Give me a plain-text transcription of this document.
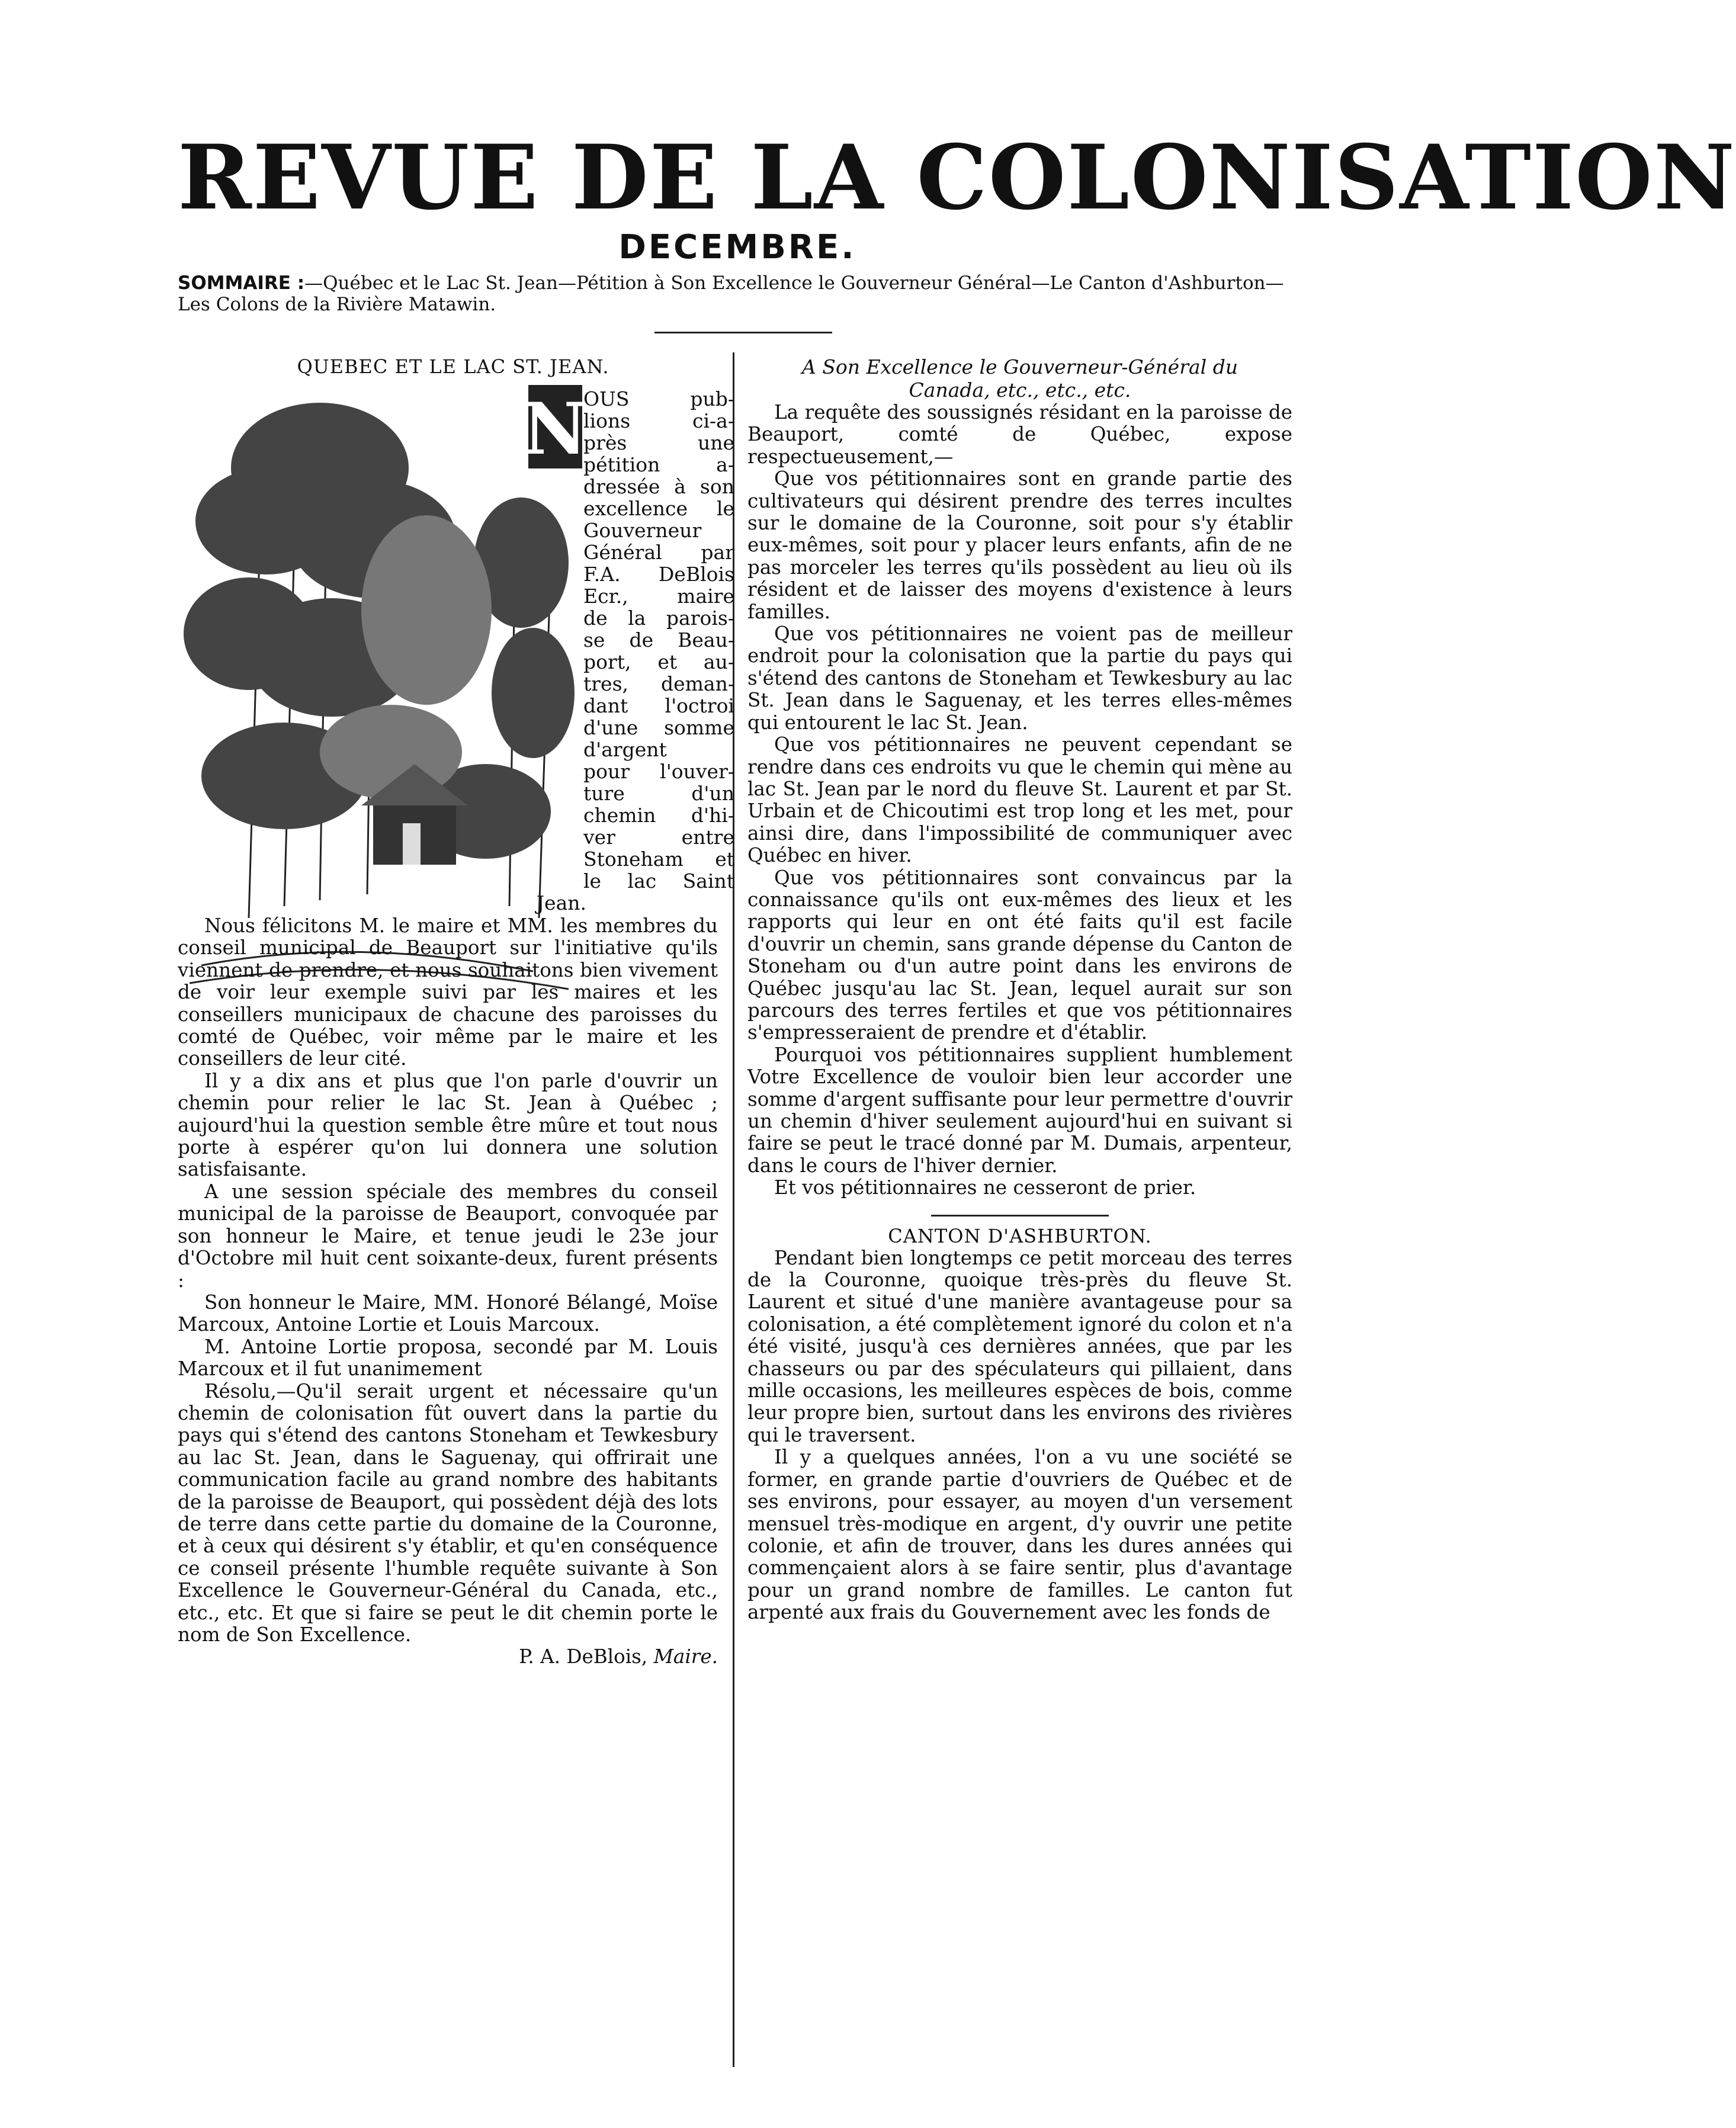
REVUE DE LA COLONISATION
DECEMBRE.
SOMMAIRE :—Québec et le Lac St. Jean—Pétition à Son Excellence le Gouverneur Général—Le Canton d'Ashburton—Les Colons de la Rivière Matawin.
QUEBEC ET LE LAC ST. JEAN.
N
OUS pub-
lions ci-a-
près une
pétition a-
dressée à son
excellence le
Gouverneur
Général par
F.A. DeBlois
Ecr., maire
de la parois-
se de Beau-
port, et au-
tres, deman-
dant l'octroi
d'une somme
d'argent
pour l'ouver-
ture d'un
chemin d'hi-
ver entre
Stoneham et
le lac Saint
Jean.

Nous félicitons M. le maire et MM. les membres du conseil municipal de Beauport sur l'initiative qu'ils viennent de prendre, et nous souhaitons bien vivement de voir leur exemple suivi par les maires et les conseillers municipaux de chacune des paroisses du comté de Québec, voir même par le maire et les conseillers de leur cité.

Il y a dix ans et plus que l'on parle d'ouvrir un chemin pour relier le lac St. Jean à Québec ; aujourd'hui la question semble être mûre et tout nous porte à espérer qu'on lui donnera une solution satisfaisante.

A une session spéciale des membres du conseil municipal de la paroisse de Beauport, convoquée par son honneur le Maire, et tenue jeudi le 23e jour d'Octobre mil huit cent soixante-deux, furent présents :

Son honneur le Maire, MM. Honoré Bélangé, Moïse Marcoux, Antoine Lortie et Louis Marcoux.

M. Antoine Lortie proposa, secondé par M. Louis Marcoux et il fut unanimement

Résolu,—Qu'il serait urgent et nécessaire qu'un chemin de colonisation fût ouvert dans la partie du pays qui s'étend des cantons Stoneham et Tewkesbury au lac St. Jean, dans le Saguenay, qui offrirait une communication facile au grand nombre des habitants de la paroisse de Beauport, qui possèdent déjà des lots de terre dans cette partie du domaine de la Couronne, et à ceux qui désirent s'y établir, et qu'en conséquence ce conseil présente l'humble requête suivante à Son Excellence le Gouverneur-Général du Canada, etc., etc., etc. Et que si faire se peut le dit chemin porte le nom de Son Excellence.

P. A. DeBlois, Maire.

A Son Excellence le Gouverneur-Général du
Canada, etc., etc., etc.

La requête des soussignés résidant en la paroisse de Beauport, comté de Québec, expose respectueusement,—

Que vos pétitionnaires sont en grande partie des cultivateurs qui désirent prendre des terres incultes sur le domaine de la Couronne, soit pour s'y établir eux-mêmes, soit pour y placer leurs enfants, afin de ne pas morceler les terres qu'ils possèdent au lieu où ils résident et de laisser des moyens d'existence à leurs familles.

Que vos pétitionnaires ne voient pas de meilleur endroit pour la colonisation que la partie du pays qui s'étend des cantons de Stoneham et Tewkesbury au lac St. Jean dans le Saguenay, et les terres elles-mêmes qui entourent le lac St. Jean.

Que vos pétitionnaires ne peuvent cependant se rendre dans ces endroits vu que le chemin qui mène au lac St. Jean par le nord du fleuve St. Laurent et par St. Urbain et de Chicoutimi est trop long et les met, pour ainsi dire, dans l'impossibilité de communiquer avec Québec en hiver.

Que vos pétitionnaires sont convaincus par la connaissance qu'ils ont eux-mêmes des lieux et les rapports qui leur en ont été faits qu'il est facile d'ouvrir un chemin, sans grande dépense du Canton de Stoneham ou d'un autre point dans les environs de Québec jusqu'au lac St. Jean, lequel aurait sur son parcours des terres fertiles et que vos pétitionnaires s'empresseraient de prendre et d'établir.

Pourquoi vos pétitionnaires supplient humblement Votre Excellence de vouloir bien leur accorder une somme d'argent suffisante pour leur permettre d'ouvrir un chemin d'hiver seulement aujourd'hui en suivant si faire se peut le tracé donné par M. Dumais, arpenteur, dans le cours de l'hiver dernier.

Et vos pétitionnaires ne cesseront de prier.

CANTON D'ASHBURTON.

Pendant bien longtemps ce petit morceau des terres de la Couronne, quoique très-près du fleuve St. Laurent et situé d'une manière avantageuse pour sa colonisation, a été complètement ignoré du colon et n'a été visité, jusqu'à ces dernières années, que par les chasseurs ou par des spéculateurs qui pillaient, dans mille occasions, les meilleures espèces de bois, comme leur propre bien, surtout dans les environs des rivières qui le traversent.

Il y a quelques années, l'on a vu une société se former, en grande partie d'ouvriers de Québec et de ses environs, pour essayer, au moyen d'un versement mensuel très-modique en argent, d'y ouvrir une petite colonie, et afin de trouver, dans les dures années qui commençaient alors à se faire sentir, plus d'avantage pour un grand nombre de familles. Le canton fut arpenté aux frais du Gouvernement avec les fonds de
